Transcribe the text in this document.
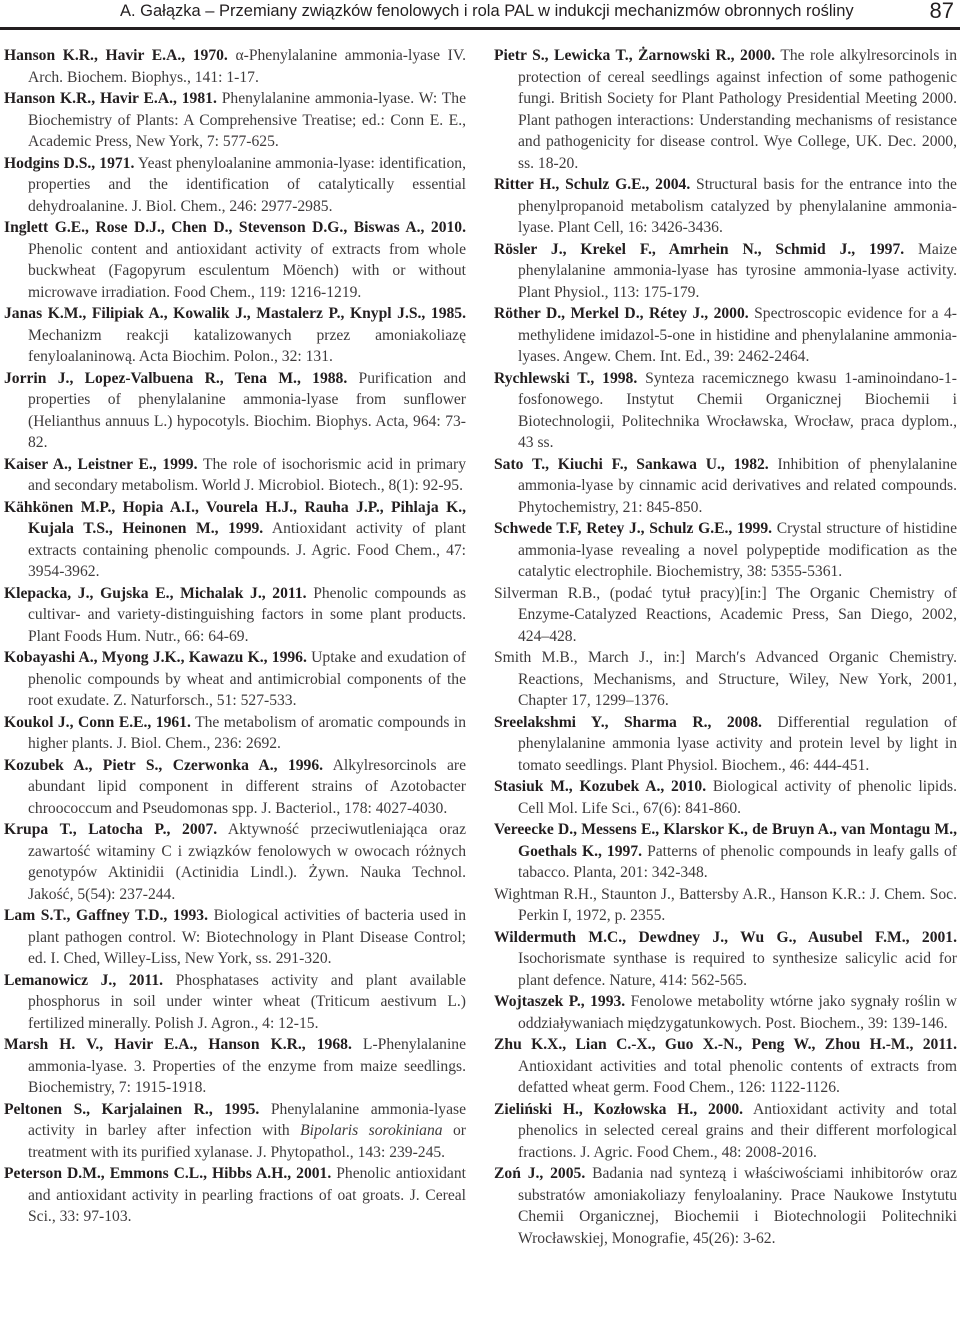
A. Gałązka – Przemiany związków fenolowych i rola PAL w indukcji mechanizmów obronnych rośliny	87

Hanson K.R., Havir E.A., 1970. α-Phenylalanine ammonia-lyase IV. Arch. Biochem. Biophys., 141: 1-17.

Hanson K.R., Havir E.A., 1981. Phenylalanine ammonia-lyase. W: The Biochemistry of Plants: A Comprehensive Treatise; ed.: Conn E. E., Academic Press, New York, 7: 577-625.

Hodgins D.S., 1971. Yeast phenyloalanine ammonia-lyase: identification, properties and the identification of catalytically essential dehydroalanine. J. Biol. Chem., 246: 2977-2985.

Inglett G.E., Rose D.J., Chen D., Stevenson D.G., Biswas A., 2010. Phenolic content and antioxidant activity of extracts from whole buckwheat (Fagopyrum esculentum Möench) with or without microwave irradiation. Food Chem., 119: 1216-1219.

Janas K.M., Filipiak A., Kowalik J., Mastalerz P., Knypl J.S., 1985. Mechanizm reakcji katalizowanych przez amoniakoliazę fenyloalaninową. Acta Biochim. Polon., 32: 131.

Jorrin J., Lopez-Valbuena R., Tena M., 1988. Purification and properties of phenylalanine ammonia-lyase from sunflower (Helianthus annuus L.) hypocotyls. Biochim. Biophys. Acta, 964: 73-82.

Kaiser A., Leistner E., 1999. The role of isochorismic acid in primary and secondary metabolism. World J. Microbiol. Biotech., 8(1): 92-95.

Kähkönen M.P., Hopia A.I., Vourela H.J., Rauha J.P., Pihlaja K., Kujala T.S., Heinonen M., 1999. Antioxidant activity of plant extracts containing phenolic compounds. J. Agric. Food Chem., 47: 3954-3962.

Klepacka, J., Gujska E., Michalak J., 2011. Phenolic compounds as cultivar- and variety-distinguishing factors in some plant products. Plant Foods Hum. Nutr., 66: 64-69.

Kobayashi A., Myong J.K., Kawazu K., 1996. Uptake and exudation of phenolic compounds by wheat and antimicrobial components of the root exudate. Z. Naturforsch., 51: 527-533.

Koukol J., Conn E.E., 1961. The metabolism of aromatic compounds in higher plants. J. Biol. Chem., 236: 2692.

Kozubek A., Pietr S., Czerwonka A., 1996. Alkylresorcinols are abundant lipid component in different strains of Azotobacter chroococcum and Pseudomonas spp. J. Bacteriol., 178: 4027-4030.

Krupa T., Latocha P., 2007. Aktywność przeciwutleniająca oraz zawartość witaminy C i związków fenolowych w owocach różnych genotypów Aktinidii (Actinidia Lindl.). Żywn. Nauka Technol. Jakość, 5(54): 237-244.

Lam S.T., Gaffney T.D., 1993. Biological activities of bacteria used in plant pathogen control. W: Biotechnology in Plant Disease Control; ed. I. Ched, Willey-Liss, New York, ss. 291-320.

Lemanowicz J., 2011. Phosphatases activity and plant available phosphorus in soil under winter wheat (Triticum aestivum L.) fertilized minerally. Polish J. Agron., 4: 12-15.

Marsh H. V., Havir E.A., Hanson K.R., 1968. L-Phenylalanine ammonia-lyase. 3. Properties of the enzyme from maize seedlings. Biochemistry, 7: 1915-1918.

Peltonen S., Karjalainen R., 1995. Phenylalanine ammonia-lyase activity in barley after infection with Bipolaris sorokiniana or treatment with its purified xylanase. J. Phytopathol., 143: 239-245.

Peterson D.M., Emmons C.L., Hibbs A.H., 2001. Phenolic antioxidant and antioxidant activity in pearling fractions of oat groats. J. Cereal Sci., 33: 97-103.

Pietr S., Lewicka T., Żarnowski R., 2000. The role alkylresorcinols in protection of cereal seedlings against infection of some pathogenic fungi. British Society for Plant Pathology Presidential Meeting 2000. Plant pathogen interactions: Understanding mechanisms of resistance and pathogenicity for disease control. Wye College, UK. Dec. 2000, ss. 18-20.

Ritter H., Schulz G.E., 2004. Structural basis for the entrance into the phenylpropanoid metabolism catalyzed by phenylalanine ammonia-lyase. Plant Cell, 16: 3426-3436.

Rösler J., Krekel F., Amrhein N., Schmid J., 1997. Maize phenylalanine ammonia-lyase has tyrosine ammonia-lyase activity. Plant Physiol., 113: 175-179.

Röther D., Merkel D., Rétey J., 2000. Spectroscopic evidence for a 4-methylidene imidazol-5-one in histidine and phenylalanine ammonia-lyases. Angew. Chem. Int. Ed., 39: 2462-2464.

Rychlewski T., 1998. Synteza racemicznego kwasu 1-aminoindano-1-fosfonowego. Instytut Chemii Organicznej Biochemii i Biotechnologii, Politechnika Wrocławska, Wrocław, praca dyplom., 43 ss.

Sato T., Kiuchi F., Sankawa U., 1982. Inhibition of phenylalanine ammonia-lyase by cinnamic acid derivatives and related compounds. Phytochemistry, 21: 845-850.

Schwede T.F, Retey J., Schulz G.E., 1999. Crystal structure of histidine ammonia-lyase revealing a novel polypeptide modification as the catalytic electrophile. Biochemistry, 38: 5355-5361.

Silverman R.B., (podać tytuł pracy)[in:] The Organic Chemistry of Enzyme-Catalyzed Reactions, Academic Press, San Diego, 2002, 424–428.

Smith M.B., March J., in:] March′s Advanced Organic Chemistry. Reactions, Mechanisms, and Structure, Wiley, New York, 2001, Chapter 17, 1299–1376.

Sreelakshmi Y., Sharma R., 2008. Differential regulation of phenylalanine ammonia lyase activity and protein level by light in tomato seedlings. Plant Physiol. Biochem., 46: 444-451.

Stasiuk M., Kozubek A., 2010. Biological activity of phenolic lipids. Cell Mol. Life Sci., 67(6): 841-860.

Vereecke D., Messens E., Klarskor K., de Bruyn A., van Montagu M., Goethals K., 1997. Patterns of phenolic compounds in leafy galls of tabacco. Planta, 201: 342-348.

Wightman R.H., Staunton J., Battersby A.R., Hanson K.R.: J. Chem. Soc. Perkin I, 1972, p. 2355.

Wildermuth M.C., Dewdney J., Wu G., Ausubel F.M., 2001. Isochorismate synthase is required to synthesize salicylic acid for plant defence. Nature, 414: 562-565.

Wojtaszek P., 1993. Fenolowe metabolity wtórne jako sygnały roślin w oddziaływaniach międzygatunkowych. Post. Biochem., 39: 139-146.

Zhu K.X., Lian C.-X., Guo X.-N., Peng W., Zhou H.-M., 2011. Antioxidant activities and total phenolic contents of extracts from defatted wheat germ. Food Chem., 126: 1122-1126.

Zieliński H., Kozłowska H., 2000. Antioxidant activity and total phenolics in selected cereal grains and their different morfological fractions. J. Agric. Food Chem., 48: 2008-2016.

Zoń J., 2005. Badania nad syntezą i właściwościami inhibitorów oraz substratów amoniakoliazy fenyloalaniny. Prace Naukowe Instytutu Chemii Organicznej, Biochemii i Biotechnologii Politechniki Wrocławskiej, Monografie, 45(26): 3-62.
